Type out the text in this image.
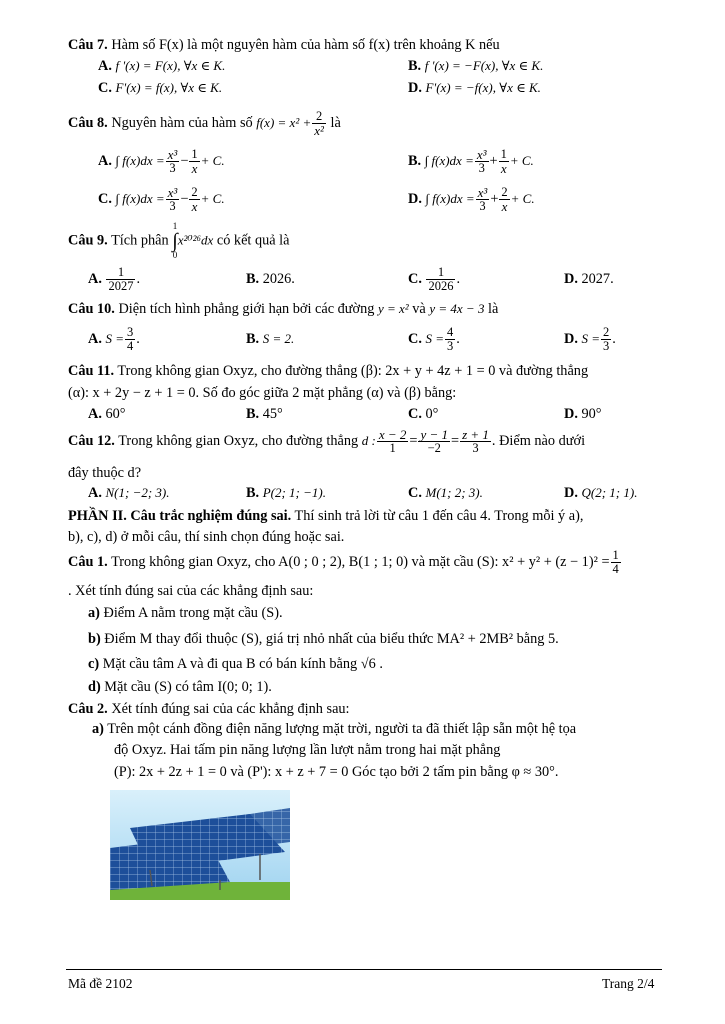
Câu 7. Hàm số F(x) là một nguyên hàm của hàm số f(x) trên khoảng K nếu
A. f '(x) = F(x), ∀x ∈ K.	B. f '(x) = −F(x), ∀x ∈ K.
C. F'(x) = f(x), ∀x ∈ K.	D. F'(x) = −f(x), ∀x ∈ K.
Câu 8. Nguyên hàm của hàm số $f(x) = x^2 + \frac{2}{\text{x²}}$ là
A. ∫ $f(x)dx = \frac{\text{x³}}{3} - \frac{1}{x} + C$.	B. ∫ $f(x)dx = \frac{\text{x³}}{3} + \frac{1}{x} + C$.
C. ∫ $f(x)dx = \frac{\text{x³}}{3} - \frac{2}{x} + C$.	D. ∫ $f(x)dx = \frac{\text{x³}}{3} + \frac{2}{x} + C$.
Câu 9. Tích phân
1
∫
0
x²⁰²⁶dx có kết quả là
A. $\frac{1}{2027}$ .	B. 2026.	C. $\frac{1}{2026}$ .	D. 2027.
Câu 10. Diện tích hình phẳng giới hạn bởi các đường y = x² và y = 4x − 3 là
A. $S = \frac{3}{4}$ .	B. S = 2.	C. $S = \frac{4}{3}$ .	D. $S = \frac{2}{3}$ .
Câu 11. Trong không gian Oxyz, cho đường thẳng (β): 2x + y + 4z + 1 = 0 và đường thẳng
(α): x + 2y − z + 1 = 0. Số đo góc giữa 2 mặt phẳng (α) và (β) bằng:
A. 60°	B. 45°	C. 0°	D. 90°
Câu 12. Trong không gian Oxyz, cho đường thẳng d : $\frac{x - 2}{1} = \frac{y - 1}{-2} = \frac{z + 1}{3}$ . Điểm nào dưới
đây thuộc d?
A. N(1; −2; 3).	B. P(2; 1; −1).	C. M(1; 2; 3).	D. Q(2; 1; 1).
PHẦN II. Câu trắc nghiệm đúng sai. Thí sinh trả lời từ câu 1 đến câu 4. Trong mỗi ý a),
b), c), d) ở mỗi câu, thí sinh chọn đúng hoặc sai.
Câu 1. Trong không gian Oxyz, cho A(0 ; 0 ; 2), B(1 ; 1; 0) và mặt cầu (S): $x^2 + y^2 + (z - 1)^2 = \frac{1}{4}$
. Xét tính đúng sai của các khẳng định sau:
a) Điểm A nằm trong mặt cầu (S).
b) Điểm M thay đổi thuộc (S), giá trị nhỏ nhất của biểu thức MA² + 2MB² bằng 5.
c) Mặt cầu tâm A và đi qua B có bán kính bằng √6 .
d) Mặt cầu (S) có tâm I(0; 0; 1).
Câu 2. Xét tính đúng sai của các khẳng định sau:
a) Trên một cánh đồng điện năng lượng mặt trời, người ta đã thiết lập sẵn một hệ tọa
độ Oxyz. Hai tấm pin năng lượng lần lượt nằm trong hai mặt phẳng
(P): 2x + 2z + 1 = 0 và (P'): x + z + 7 = 0 Góc tạo bởi 2 tấm pin bằng φ ≈ 30°.
Mã đề 2102	Trang 2/4
